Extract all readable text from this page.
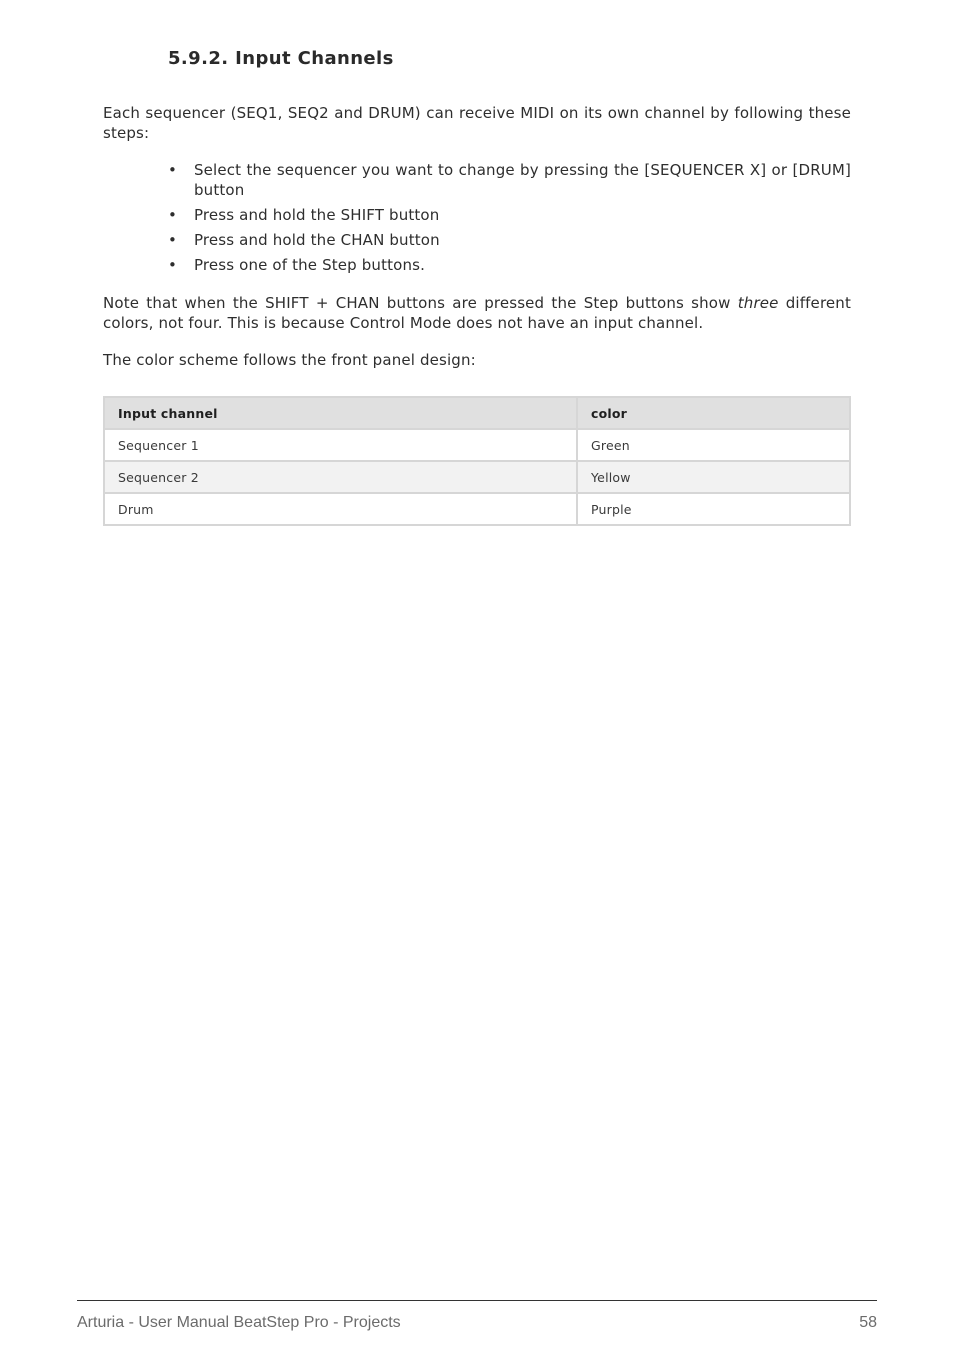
5.9.2. Input Channels

Each sequencer (SEQ1, SEQ2 and DRUM) can receive MIDI on its own channel by following these steps:

• Select the sequencer you want to change by pressing the [SEQUENCER X] or [DRUM] button
• Press and hold the SHIFT button
• Press and hold the CHAN button
• Press one of the Step buttons.

Note that when the SHIFT + CHAN buttons are pressed the Step buttons show three different colors, not four. This is because Control Mode does not have an input channel.

The color scheme follows the front panel design:

Input channel	color
Sequencer 1	Green
Sequencer 2	Yellow
Drum	Purple
Arturia - User Manual BeatStep Pro - Projects	58
